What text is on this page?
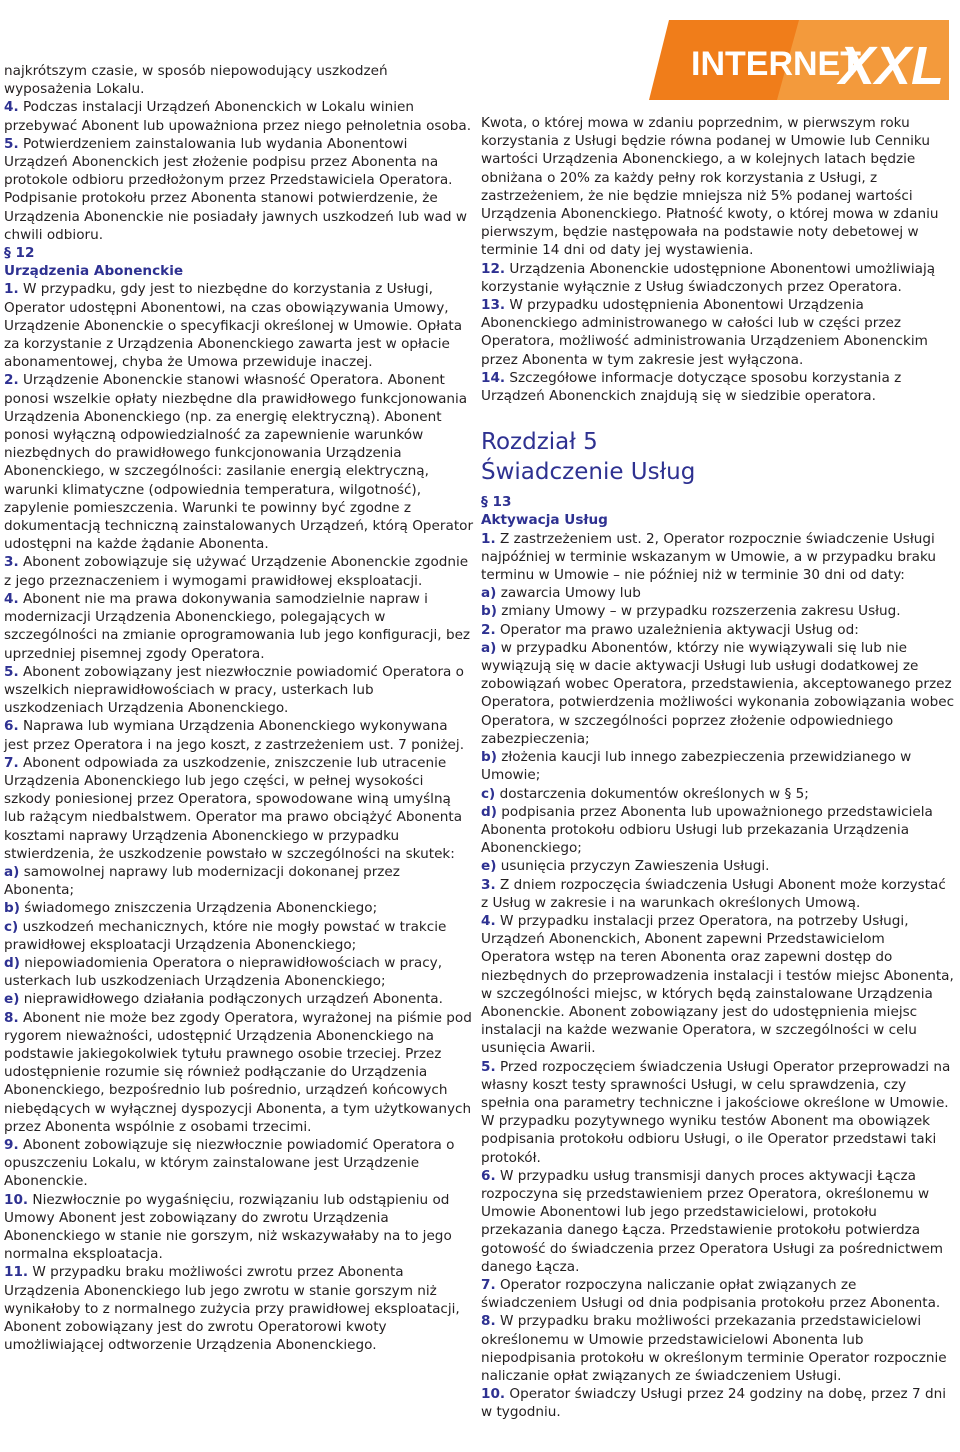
INTERNET
XXL

najkrótszym czasie, w sposób niepowodujący uszkodzeń wyposażenia Lokalu.

4. Podczas instalacji Urządzeń Abonenckich w Lokalu winien przebywać Abonent lub upoważniona przez niego pełnoletnia osoba.

5. Potwierdzeniem zainstalowania lub wydania Abonentowi Urządzeń Abonenckich jest złożenie podpisu przez Abonenta na protokole odbioru przedłożonym przez Przedstawiciela Operatora. Podpisanie protokołu przez Abonenta stanowi potwierdzenie, że Urządzenia Abonenckie nie posiadały jawnych uszkodzeń lub wad w chwili odbioru.

§ 12

Urządzenia Abonenckie

1. W przypadku, gdy jest to niezbędne do korzystania z Usługi, Operator udostępni Abonentowi, na czas obowiązywania Umowy, Urządzenie Abonenckie o specyfikacji określonej w Umowie. Opłata za korzystanie z Urządzenia Abonenckiego zawarta jest w opłacie abonamentowej, chyba że Umowa przewiduje inaczej.

2. Urządzenie Abonenckie stanowi własność Operatora. Abonent ponosi wszelkie opłaty niezbędne dla prawidłowego funkcjonowania Urządzenia Abonenckiego (np. za energię elektryczną). Abonent ponosi wyłączną odpowiedzialność za zapewnienie warunków niezbędnych do prawidłowego funkcjonowania Urządzenia Abonenckiego, w szczególności: zasilanie energią elektryczną, warunki klimatyczne (odpowiednia temperatura, wilgotność), zapylenie pomieszczenia. Warunki te powinny być zgodne z dokumentacją techniczną zainstalowanych Urządzeń, którą Operator udostępni na każde żądanie Abonenta.

3. Abonent zobowiązuje się używać Urządzenie Abonenckie zgodnie z jego przeznaczeniem i wymogami prawidłowej eksploatacji.

4. Abonent nie ma prawa dokonywania samodzielnie napraw i modernizacji Urządzenia Abonenckiego, polegających w szczególności na zmianie oprogramowania lub jego konfiguracji, bez uprzedniej pisemnej zgody Operatora.

5. Abonent zobowiązany jest niezwłocznie powiadomić Operatora o wszelkich nieprawidłowościach w pracy, usterkach lub uszkodzeniach Urządzenia Abonenckiego.

6. Naprawa lub wymiana Urządzenia Abonenckiego wykonywana jest przez Operatora i na jego koszt, z zastrzeżeniem ust. 7 poniżej.

7. Abonent odpowiada za uszkodzenie, zniszczenie lub utracenie Urządzenia Abonenckiego lub jego części, w pełnej wysokości szkody poniesionej przez Operatora, spowodowane winą umyślną lub rażącym niedbalstwem. Operator ma prawo obciążyć Abonenta kosztami naprawy Urządzenia Abonenckiego w przypadku stwierdzenia, że uszkodzenie powstało w szczególności na skutek:

a) samowolnej naprawy lub modernizacji dokonanej przez Abonenta;

b) świadomego zniszczenia Urządzenia Abonenckiego;

c) uszkodzeń mechanicznych, które nie mogły powstać w trakcie prawidłowej eksploatacji Urządzenia Abonenckiego;

d) niepowiadomienia Operatora o nieprawidłowościach w pracy, usterkach lub uszkodzeniach Urządzenia Abonenckiego;

e) nieprawidłowego działania podłączonych urządzeń Abonenta.

8. Abonent nie może bez zgody Operatora, wyrażonej na piśmie pod rygorem nieważności, udostępnić Urządzenia Abonenckiego na podstawie jakiegokolwiek tytułu prawnego osobie trzeciej. Przez udostępnienie rozumie się również podłączanie do Urządzenia Abonenckiego, bezpośrednio lub pośrednio, urządzeń końcowych niebędących w wyłącznej dyspozycji Abonenta, a tym użytkowanych przez Abonenta wspólnie z osobami trzecimi.

9. Abonent zobowiązuje się niezwłocznie powiadomić Operatora o opuszczeniu Lokalu, w którym zainstalowane jest Urządzenie Abonenckie.

10. Niezwłocznie po wygaśnięciu, rozwiązaniu lub odstąpieniu od Umowy Abonent jest zobowiązany do zwrotu Urządzenia Abonenckiego w stanie nie gorszym, niż wskazywałaby na to jego normalna eksploatacja.

11. W przypadku braku możliwości zwrotu przez Abonenta Urządzenia Abonenckiego lub jego zwrotu w stanie gorszym niż wynikałoby to z normalnego zużycia przy prawidłowej eksploatacji, Abonent zobowiązany jest do zwrotu Operatorowi kwoty umożliwiającej odtworzenie Urządzenia Abonenckiego.

Kwota, o której mowa w zdaniu poprzednim, w pierwszym roku korzystania z Usługi będzie równa podanej w Umowie lub Cenniku wartości Urządzenia Abonenckiego, a w kolejnych latach będzie obniżana o 20% za każdy pełny rok korzystania z Usługi, z zastrzeżeniem, że nie będzie mniejsza niż 5% podanej wartości Urządzenia Abonenckiego. Płatność kwoty, o której mowa w zdaniu pierwszym, będzie następowała na podstawie noty debetowej w terminie 14 dni od daty jej wystawienia.

12. Urządzenia Abonenckie udostępnione Abonentowi umożliwiają korzystanie wyłącznie z Usług świadczonych przez Operatora.

13. W przypadku udostępnienia Abonentowi Urządzenia Abonenckiego administrowanego w całości lub w części przez Operatora, możliwość administrowania Urządzeniem Abonenckim przez Abonenta w tym zakresie jest wyłączona.

14. Szczegółowe informacje dotyczące sposobu korzystania z Urządzeń Abonenckich znajdują się w siedzibie operatora.

Rozdział 5
Świadczenie Usług

§ 13

Aktywacja Usług

1. Z zastrzeżeniem ust. 2, Operator rozpocznie świadczenie Usługi najpóźniej w terminie wskazanym w Umowie, a w przypadku braku terminu w Umowie – nie później niż w terminie 30 dni od daty:

a) zawarcia Umowy lub

b) zmiany Umowy – w przypadku rozszerzenia zakresu Usług.

2. Operator ma prawo uzależnienia aktywacji Usług od:

a) w przypadku Abonentów, którzy nie wywiązywali się lub nie wywiązują się w dacie aktywacji Usługi lub usługi dodatkowej ze zobowiązań wobec Operatora, przedstawienia, akceptowanego przez Operatora, potwierdzenia możliwości wykonania zobowiązania wobec Operatora, w szczególności poprzez złożenie odpowiedniego zabezpieczenia;

b) złożenia kaucji lub innego zabezpieczenia przewidzianego w Umowie;

c) dostarczenia dokumentów określonych w § 5;

d) podpisania przez Abonenta lub upoważnionego przedstawiciela Abonenta protokołu odbioru Usługi lub przekazania Urządzenia Abonenckiego;

e) usunięcia przyczyn Zawieszenia Usługi.

3. Z dniem rozpoczęcia świadczenia Usługi Abonent może korzystać z Usług w zakresie i na warunkach określonych Umową.

4. W przypadku instalacji przez Operatora, na potrzeby Usługi, Urządzeń Abonenckich, Abonent zapewni Przedstawicielom Operatora wstęp na teren Abonenta oraz zapewni dostęp do niezbędnych do przeprowadzenia instalacji i testów miejsc Abonenta, w szczególności miejsc, w których będą zainstalowane Urządzenia Abonenckie. Abonent zobowiązany jest do udostępnienia miejsc instalacji na każde wezwanie Operatora, w szczególności w celu usunięcia Awarii.

5. Przed rozpoczęciem świadczenia Usługi Operator przeprowadzi na własny koszt testy sprawności Usługi, w celu sprawdzenia, czy spełnia ona parametry techniczne i jakościowe określone w Umowie. W przypadku pozytywnego wyniku testów Abonent ma obowiązek podpisania protokołu odbioru Usługi, o ile Operator przedstawi taki protokół.

6. W przypadku usług transmisji danych proces aktywacji Łącza rozpoczyna się przedstawieniem przez Operatora, określonemu w Umowie Abonentowi lub jego przedstawicielowi, protokołu przekazania danego Łącza. Przedstawienie protokołu potwierdza gotowość do świadczenia przez Operatora Usługi za pośrednictwem danego Łącza.

7. Operator rozpoczyna naliczanie opłat związanych ze świadczeniem Usługi od dnia podpisania protokołu przez Abonenta.

8. W przypadku braku możliwości przekazania przedstawicielowi określonemu w Umowie przedstawicielowi Abonenta lub niepodpisania protokołu w określonym terminie Operator rozpocznie naliczanie opłat związanych ze świadczeniem Usługi.

10. Operator świadczy Usługi przez 24 godziny na dobę, przez 7 dni w tygodniu.
